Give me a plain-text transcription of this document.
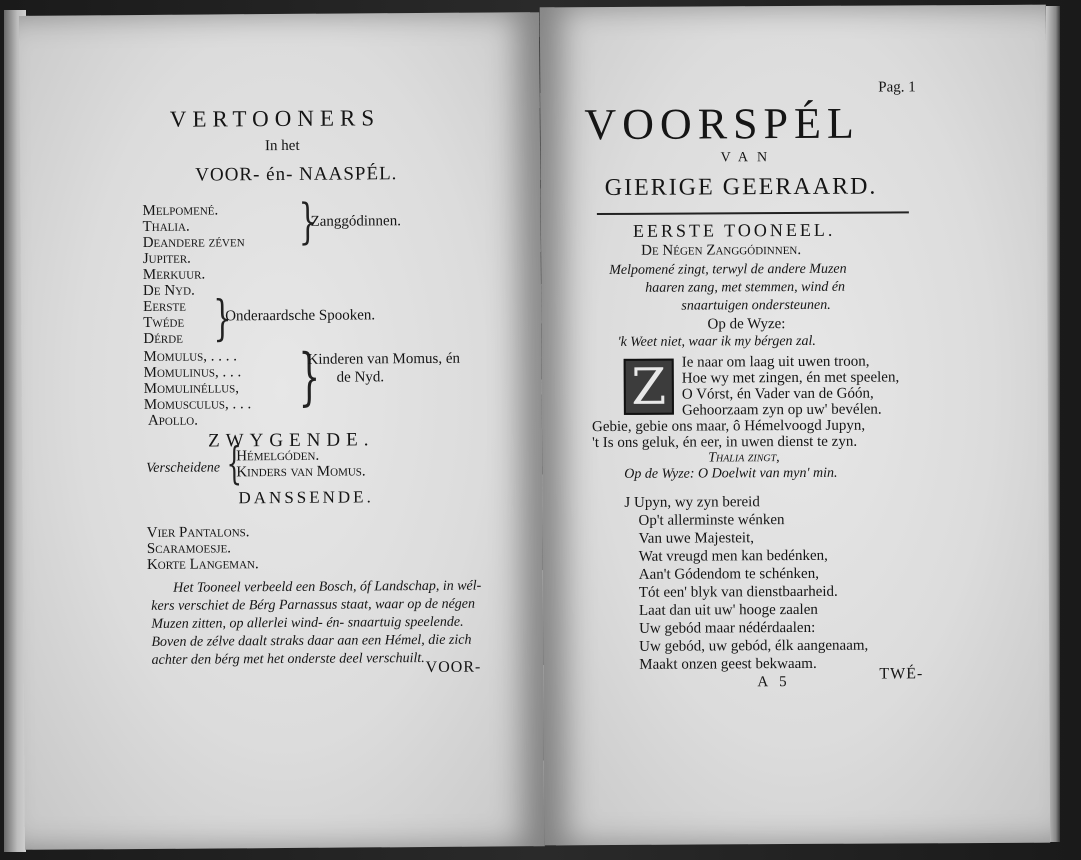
VERTOONERS
In het
VOOR- én- NAASPÉL.
Melpomené.
Thalia.
Deandere zéven }
Zanggódinnen.
Jupiter.
Merkuur.
De Nyd.
Eerste
Twéde
Dérde }
Onderaardsche Spooken.
Momulus, . . . .
Momulinus, . . .
Momulinéllus,
Momusculus, . . . }
Kinderen van Momus, én
de Nyd.
Apollo.
ZWYGENDE.
Verscheidene }
Hémelgóden.
Kinders van Momus.
DANSSENDE.
Vier Pantalons.
Scaramoesje.
Korte Langeman.
Het Tooneel verbeeld een Bosch, óf Landschap, in wél-
kers verschiet de Bérg Parnassus staat, waar op de négen
Muzen zitten, op allerlei wind- én- snaartuig speelende.
Boven de zélve daalt straks daar aan een Hémel, die zich
achter den bérg met het onderste deel verschuilt. VOOR-
Pag. 1
VOORSPÉL
VAN
GIERIGE GEERAARD.
EERSTE TOONEEL.
De Négen Zanggódinnen.
Melpomené zingt, terwyl de andere Muzen
haaren zang, met stemmen, wind én
snaartuigen ondersteunen.
Op de Wyze:
'k Weet niet, waar ik my bérgen zal.
Z	Ie naar om laag uit uwen troon,
Hoe wy met zingen, én met speelen,
O Vórst, én Vader van de Góón,
Gehoorzaam zyn op uw' bevélen.
Gebie, gebie ons maar, ô Hémelvoogd Jupyn,
't Is ons geluk, én eer, in uwen dienst te zyn.
Thalia zingt,
Op de Wyze: O Doelwit van myn' min.
J Upyn, wy zyn bereid
Op't allerminste wénken
Van uwe Majesteit,
Wat vreugd men kan bedénken,
Aan't Gódendom te schénken,
Tót een' blyk van dienstbaarheid.
Laat dan uit uw' hooge zaalen
Uw gebód maar nédérdaalen:
Uw gebód, uw gebód, élk aangenaam,
Maakt onzen geest bekwaam.
A 5	TWÉ-
